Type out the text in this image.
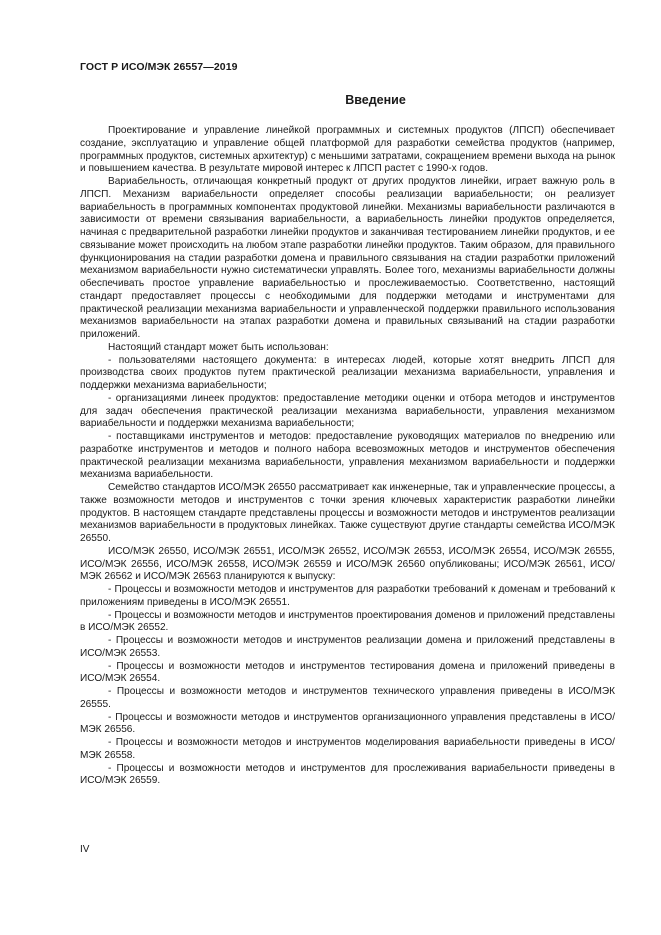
ГОСТ Р ИСО/МЭК 26557—2019
Введение

Проектирование и управление линейкой программных и системных продуктов (ЛПСП) обеспечивает создание, эксплуатацию и управление общей платформой для разработки семейства продуктов (например, программных продуктов, системных архитектур) с меньшими затратами, сокращением времени выхода на рынок и повышением качества. В результате мировой интерес к ЛПСП растет с 1990-х годов.

Вариабельность, отличающая конкретный продукт от других продуктов линейки, играет важную роль в ЛПСП. Механизм вариабельности определяет способы реализации вариабельности; он реализует вариабельность в программных компонентах продуктовой линейки. Механизмы вариабельности различаются в зависимости от времени связывания вариабельности, а вариабельность линейки продуктов определяется, начиная с предварительной разработки линейки продуктов и заканчивая тестированием линейки продуктов, и ее связывание может происходить на любом этапе разработки линейки продуктов. Таким образом, для правильного функционирования на стадии разработки домена и правильного связывания на стадии разработки приложений механизмом вариабельности нужно систематически управлять. Более того, механизмы вариабельности должны обеспечивать простое управление вариабельностью и прослеживаемостью. Соответственно, настоящий стандарт предоставляет процессы с необходимыми для поддержки методами и инструментами для практической реализации механизма вариабельности и управленческой поддержки правильного использования механизмов вариабельности на этапах разработки домена и правильных связываний на стадии разработки приложений.

Настоящий стандарт может быть использован:

- пользователями настоящего документа: в интересах людей, которые хотят внедрить ЛПСП для производства своих продуктов путем практической реализации механизма вариабельности, управления и поддержки механизма вариабельности;

- организациями линеек продуктов: предоставление методики оценки и отбора методов и инструментов для задач обеспечения практической реализации механизма вариабельности, управления механизмом вариабельности и поддержки механизма вариабельности;

- поставщиками инструментов и методов: предоставление руководящих материалов по внедрению или разработке инструментов и методов и полного набора всевозможных методов и инструментов обеспечения практической реализации механизма вариабельности, управления механизмом вариабельности и поддержки механизма вариабельности.

Семейство стандартов ИСО/МЭК 26550 рассматривает как инженерные, так и управленческие процессы, а также возможности методов и инструментов с точки зрения ключевых характеристик разработки линейки продуктов. В настоящем стандарте представлены процессы и возможности методов и инструментов реализации механизмов вариабельности в продуктовых линейках. Также существуют другие стандарты семейства ИСО/МЭК 26550.

ИСО/МЭК 26550, ИСО/МЭК 26551, ИСО/МЭК 26552, ИСО/МЭК 26553, ИСО/МЭК 26554, ИСО/МЭК 26555, ИСО/МЭК 26556, ИСО/МЭК 26558, ИСО/МЭК 26559 и ИСО/МЭК 26560 опубликованы; ИСО/МЭК 26561, ИСО/МЭК 26562 и ИСО/МЭК 26563 планируются к выпуску:

- Процессы и возможности методов и инструментов для разработки требований к доменам и требований к приложениям приведены в ИСО/МЭК 26551.

- Процессы и возможности методов и инструментов проектирования доменов и приложений представлены в ИСО/МЭК 26552.

- Процессы и возможности методов и инструментов реализации домена и приложений представлены в ИСО/МЭК 26553.

- Процессы и возможности методов и инструментов тестирования домена и приложений приведены в ИСО/МЭК 26554.

- Процессы и возможности методов и инструментов технического управления приведены в ИСО/МЭК 26555.

- Процессы и возможности методов и инструментов организационного управления представлены в ИСО/МЭК 26556.

- Процессы и возможности методов и инструментов моделирования вариабельности приведены в ИСО/МЭК 26558.

- Процессы и возможности методов и инструментов для прослеживания вариабельности приведены в ИСО/МЭК 26559.

IV
